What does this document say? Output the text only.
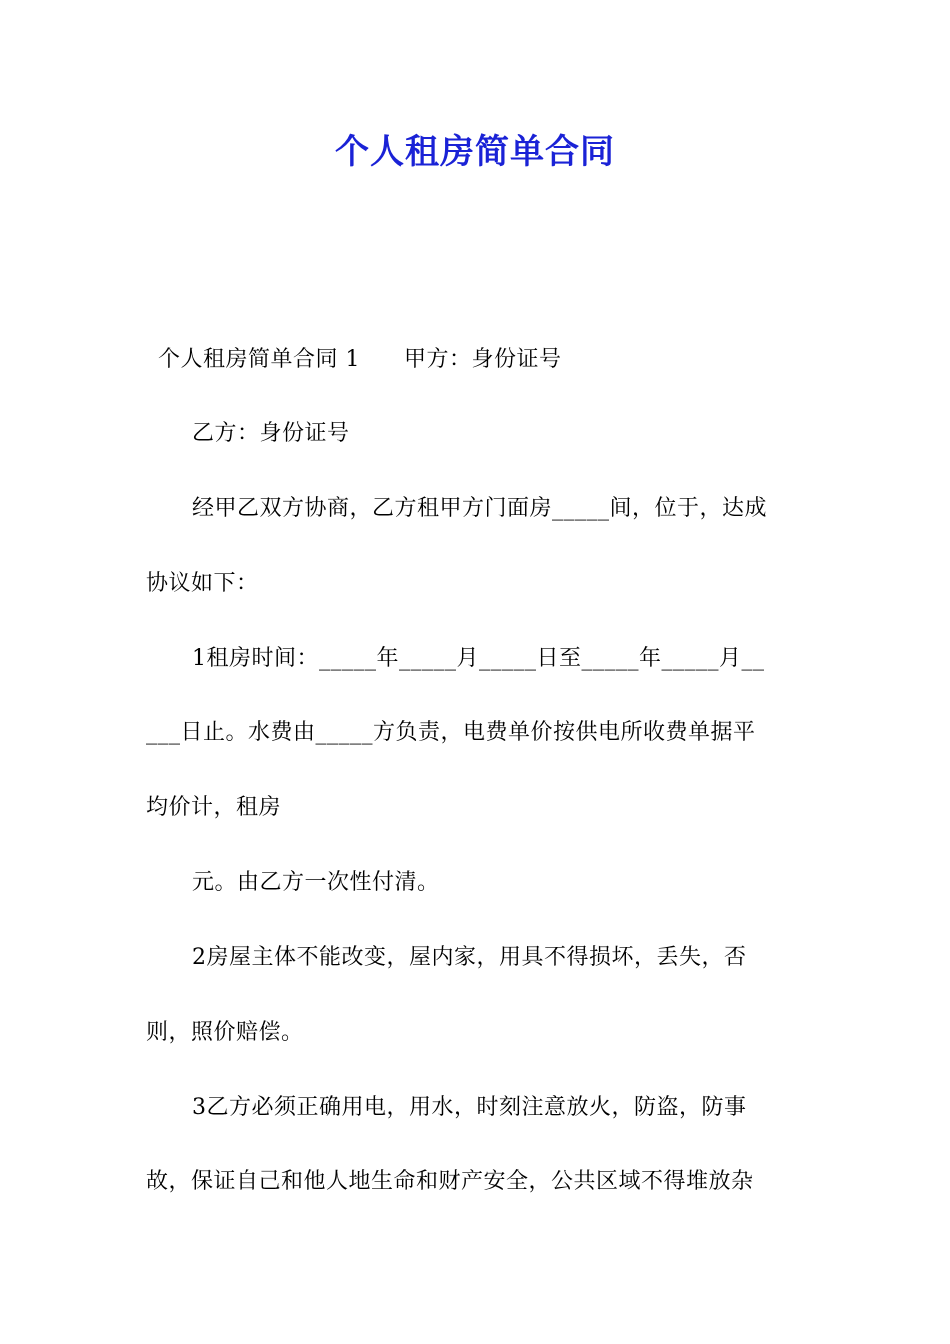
个人租房简单合同
个人租房简单合同 1 甲方：身份证号
乙方：身份证号
经甲乙双方协商，乙方租甲方门面房_____间，位于，达成
协议如下：
1租房时间：_____年_____月_____日至_____年_____月__
___日止。水费由_____方负责，电费单价按供电所收费单据平
均价计，租房
元。由乙方一次性付清。
2房屋主体不能改变，屋内家，用具不得损坏，丢失，否
则，照价赔偿。
3乙方必须正确用电，用水，时刻注意放火，防盗，防事
故，保证自己和他人地生命和财产安全，公共区域不得堆放杂
